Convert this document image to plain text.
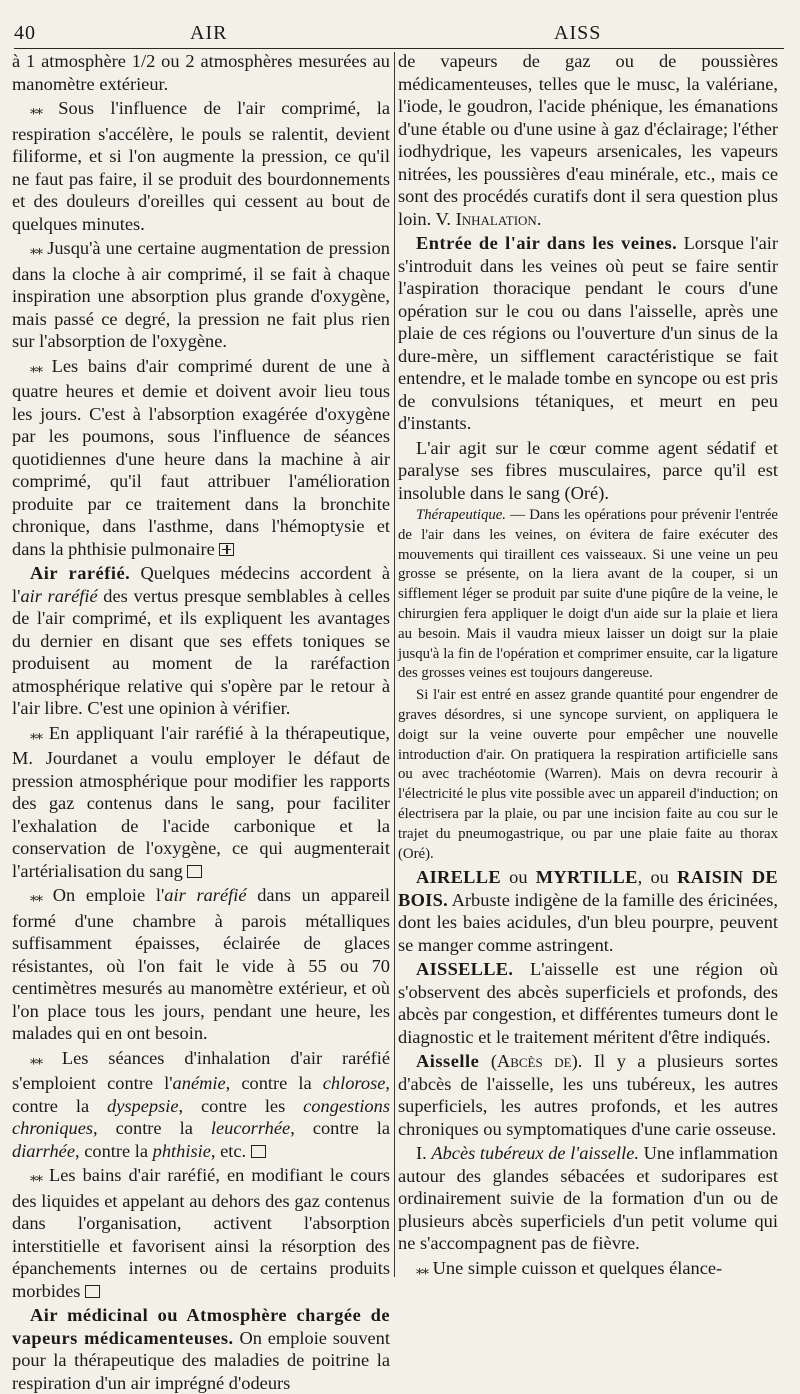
40	AIR	AISS

à 1 atmosphère 1/2 ou 2 atmosphères mesurées au manomètre extérieur.

⁎⁎ Sous l'influence de l'air comprimé, la respiration s'accélère, le pouls se ralentit, devient filiforme, et si l'on augmente la pression, ce qu'il ne faut pas faire, il se produit des bourdonnements et des douleurs d'oreilles qui cessent au bout de quelques minutes.

⁎⁎ Jusqu'à une certaine augmentation de pression dans la cloche à air comprimé, il se fait à chaque inspiration une absorption plus grande d'oxygène, mais passé ce degré, la pression ne fait plus rien sur l'absorption de l'oxygène.

⁎⁎ Les bains d'air comprimé durent de une à quatre heures et demie et doivent avoir lieu tous les jours. C'est à l'absorption exagérée d'oxygène par les poumons, sous l'influence de séances quotidiennes d'une heure dans la machine à air comprimé, qu'il faut attribuer l'amélioration produite par ce traitement dans la bronchite chronique, dans l'asthme, dans l'hémoptysie et dans la phthisie pulmonaire

Air raréfié. Quelques médecins accordent à l'air raréfié des vertus presque semblables à celles de l'air comprimé, et ils expliquent les avantages du dernier en disant que ses effets toniques se produisent au moment de la raréfaction atmosphérique relative qui s'opère par le retour à l'air libre. C'est une opinion à vérifier.

⁎⁎ En appliquant l'air raréfié à la thérapeutique, M. Jourdanet a voulu employer le défaut de pression atmosphérique pour modifier les rapports des gaz contenus dans le sang, pour faciliter l'exhalation de l'acide carbonique et la conservation de l'oxygène, ce qui augmenterait l'artérialisation du sang

⁎⁎ On emploie l'air raréfié dans un appareil formé d'une chambre à parois métalliques suffisamment épaisses, éclairée de glaces résistantes, où l'on fait le vide à 55 ou 70 centimètres mesurés au manomètre extérieur, et où l'on place tous les jours, pendant une heure, les malades qui en ont besoin.

⁎⁎ Les séances d'inhalation d'air raréfié s'emploient contre l'anémie, contre la chlorose, contre la dyspepsie, contre les congestions chroniques, contre la leucorrhée, contre la diarrhée, contre la phthisie, etc.

⁎⁎ Les bains d'air raréfié, en modifiant le cours des liquides et appelant au dehors des gaz contenus dans l'organisation, activent l'absorption interstitielle et favorisent ainsi la résorption des épanchements internes ou de certains produits morbides

Air médicinal ou Atmosphère chargée de vapeurs médicamenteuses. On emploie souvent pour la thérapeutique des maladies de poitrine la respiration d'un air imprégné d'odeurs

de vapeurs de gaz ou de poussières médicamenteuses, telles que le musc, la valériane, l'iode, le goudron, l'acide phénique, les émanations d'une étable ou d'une usine à gaz d'éclairage; l'éther iodhydrique, les vapeurs arsenicales, les vapeurs nitrées, les poussières d'eau minérale, etc., mais ce sont des procédés curatifs dont il sera question plus loin. V. Inhalation.

Entrée de l'air dans les veines. Lorsque l'air s'introduit dans les veines où peut se faire sentir l'aspiration thoracique pendant le cours d'une opération sur le cou ou dans l'aisselle, après une plaie de ces régions ou l'ouverture d'un sinus de la dure-mère, un sifflement caractéristique se fait entendre, et le malade tombe en syncope ou est pris de convulsions tétaniques, et meurt en peu d'instants.

L'air agit sur le cœur comme agent sédatif et paralyse ses fibres musculaires, parce qu'il est insoluble dans le sang (Oré).

Thérapeutique. — Dans les opérations pour prévenir l'entrée de l'air dans les veines, on évitera de faire exécuter des mouvements qui tiraillent ces vaisseaux. Si une veine un peu grosse se présente, on la liera avant de la couper, si un sifflement léger se produit par suite d'une piqûre de la veine, le chirurgien fera appliquer le doigt d'un aide sur la plaie et liera au besoin. Mais il vaudra mieux laisser un doigt sur la plaie jusqu'à la fin de l'opération et comprimer ensuite, car la ligature des grosses veines est toujours dangereuse.

Si l'air est entré en assez grande quantité pour engendrer de graves désordres, si une syncope survient, on appliquera le doigt sur la veine ouverte pour empêcher une nouvelle introduction d'air. On pratiquera la respiration artificielle sans ou avec trachéotomie (Warren). Mais on devra recourir à l'électricité le plus vite possible avec un appareil d'induction; on électrisera par la plaie, ou par une incision faite au cou sur le trajet du pneumogastrique, ou par une plaie faite au thorax (Oré).

AIRELLE ou MYRTILLE, ou RAISIN DE BOIS. Arbuste indigène de la famille des éricinées, dont les baies acidules, d'un bleu pourpre, peuvent se manger comme astringent.

AISSELLE. L'aisselle est une région où s'observent des abcès superficiels et profonds, des abcès par congestion, et différentes tumeurs dont le diagnostic et le traitement méritent d'être indiqués.

Aisselle (Abcès de). Il y a plusieurs sortes d'abcès de l'aisselle, les uns tubéreux, les autres superficiels, les autres profonds, et les autres chroniques ou symptomatiques d'une carie osseuse.

I. Abcès tubéreux de l'aisselle. Une inflammation autour des glandes sébacées et sudoripares est ordinairement suivie de la formation d'un ou de plusieurs abcès superficiels d'un petit volume qui ne s'accompagnent pas de fièvre.

⁎⁎ Une simple cuisson et quelques élance-
